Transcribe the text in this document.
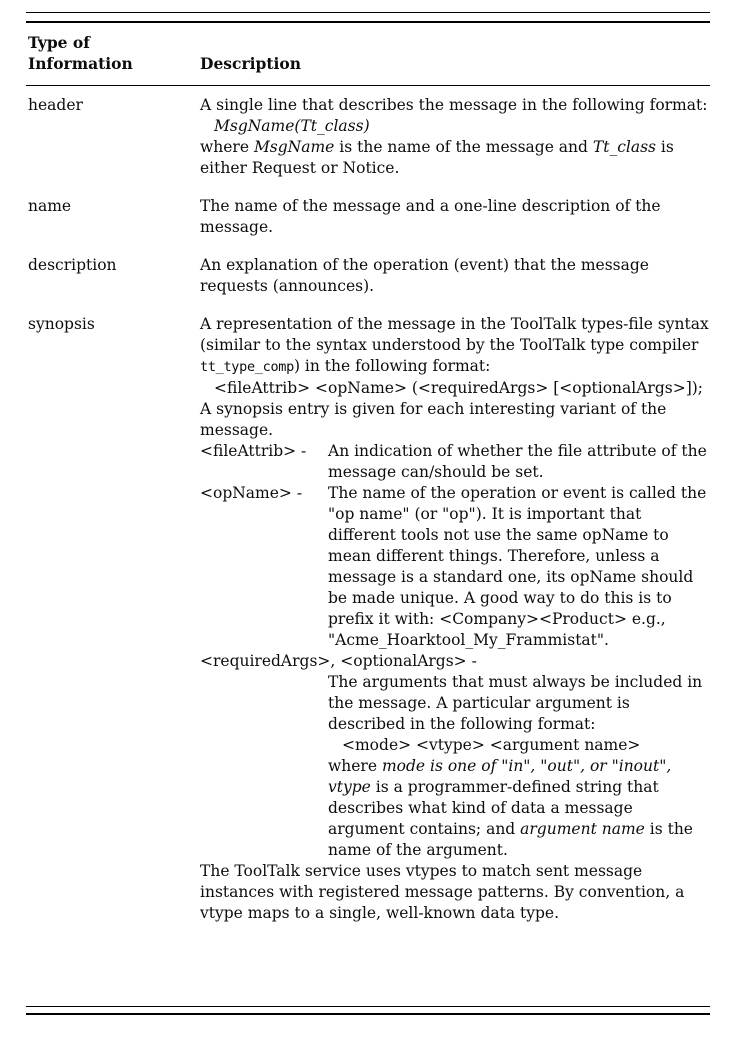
Type of
Information	Description
header	A single line that describes the message in the following format:
MsgName(Tt_class)
where MsgName is the name of the message and Tt_class is either Request or Notice.
name	The name of the message and a one-line description of the message.
description	An explanation of the operation (event) that the message requests (announces).
synopsis	A representation of the message in the ToolTalk types-file syntax (similar to the syntax understood by the ToolTalk type compiler tt_type_comp) in the following format:
<fileAttrib> <opName> (<requiredArgs> [<optionalArgs>]);
A synopsis entry is given for each interesting variant of the message.
<fileAttrib> -	An indication of whether the file attribute of the message can/should be set.
<opName> -	The name of the operation or event is called the "op name" (or "op"). It is important that different tools not use the same opName to mean different things. Therefore, unless a message is a standard one, its opName should be made unique. A good way to do this is to prefix it with: <Company><Product> e.g., "Acme_Hoarktool_My_Frammistat".
<requiredArgs>, <optionalArgs> -
The arguments that must always be included in the message. A particular argument is described in the following format:
<mode> <vtype> <argument name>
where mode is one of "in", "out", or "inout", vtype is a programmer-defined string that describes what kind of data a message argument contains; and argument name is the name of the argument.
The ToolTalk service uses vtypes to match sent message instances with registered message patterns. By convention, a vtype maps to a single, well-known data type.
